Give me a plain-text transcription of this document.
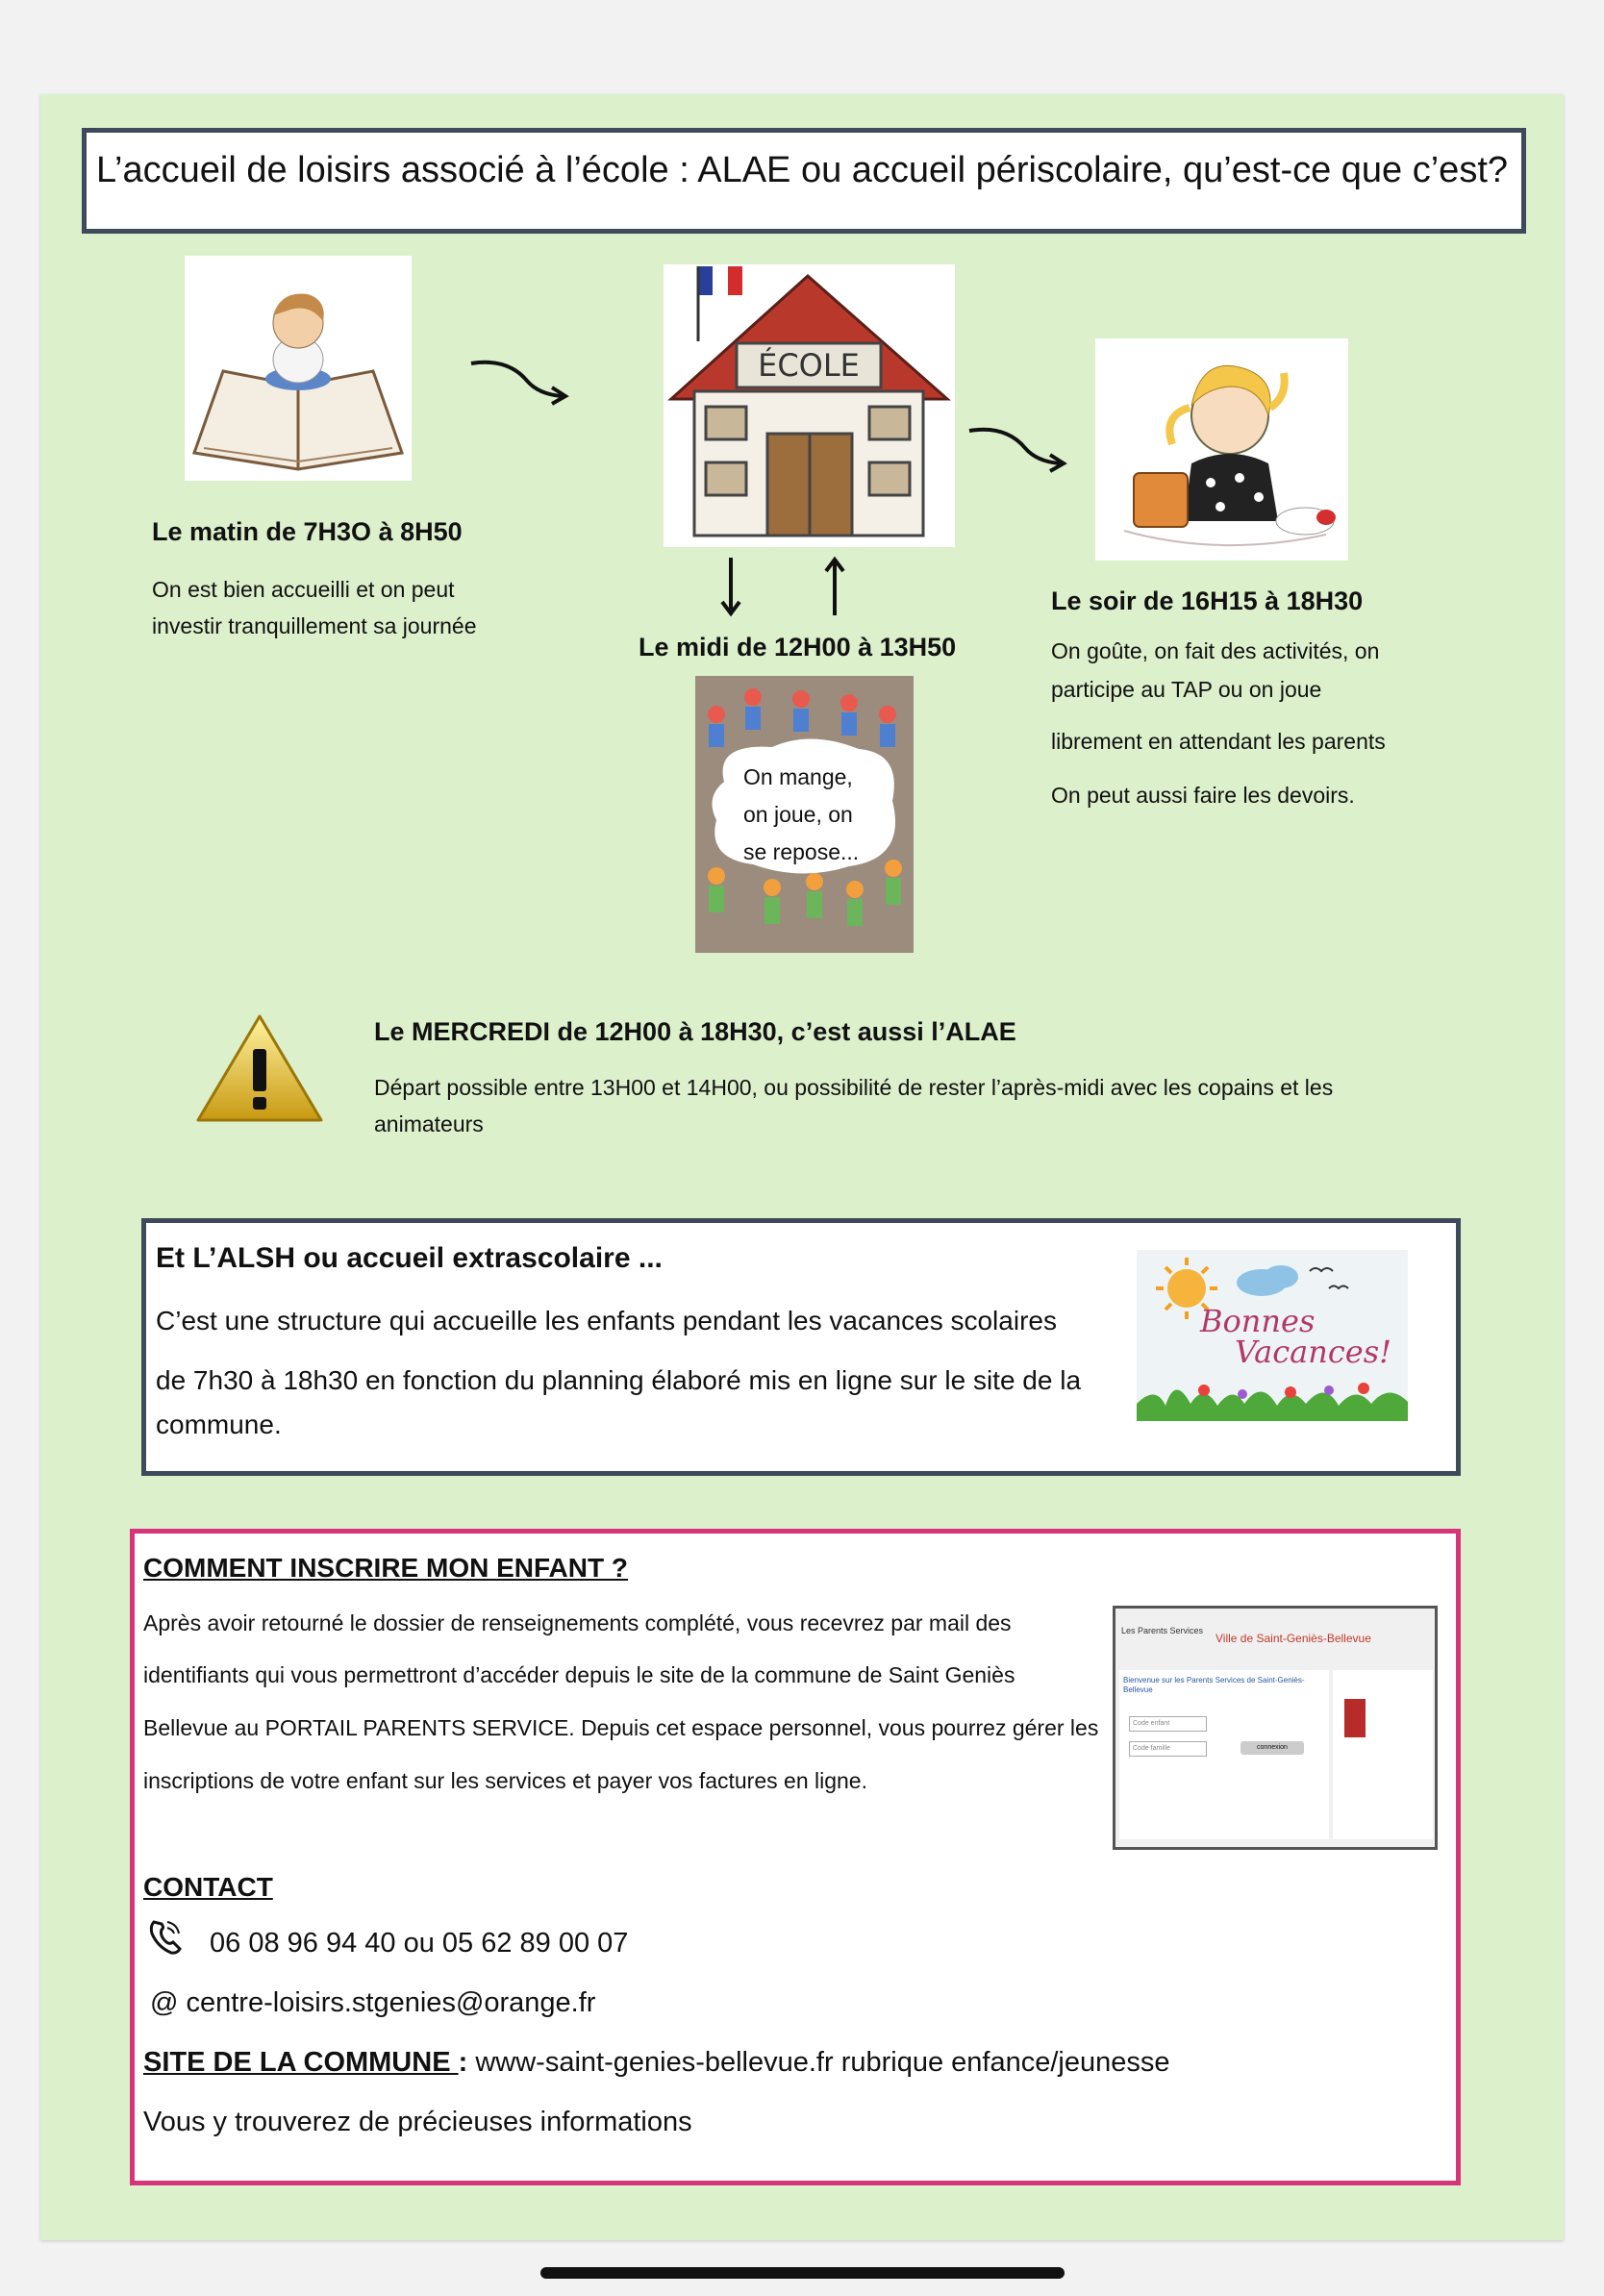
L’accueil de loisirs associé à l’école : ALAE ou accueil périscolaire, qu’est-ce que c’est?
ÉCOLE
Le matin de 7H3O à 8H50
On est bien accueilli et on peut
investir tranquillement sa journée
Le midi de 12H00 à 13H50
On mange,
on joue, on
se repose...
Le soir de 16H15 à 18H30
On goûte, on fait des activités, on
participe au TAP ou on joue
librement en attendant les parents
On peut aussi faire les devoirs.
Le MERCREDI de 12H00 à 18H30, c’est aussi l’ALAE
Départ possible entre 13H00 et 14H00, ou possibilité de rester l’après-midi avec les copains et les
animateurs
Et L’ALSH ou accueil extrascolaire ...
C’est une structure qui accueille les enfants pendant les vacances scolaires
de 7h30 à 18h30 en fonction du planning élaboré mis en ligne sur le site de la
commune.
Bonnes
Vacances!
COMMENT INSCRIRE MON ENFANT ?
Après avoir retourné le dossier de renseignements complété, vous recevrez par mail des
identifiants qui vous permettront d’accéder depuis le site de la commune de Saint Geniès
Bellevue au PORTAIL PARENTS SERVICE. Depuis cet espace personnel, vous pourrez gérer les
inscriptions de votre enfant sur les services et payer vos factures en ligne.
Les Parents Services
Ville de Saint-Geniès-Bellevue
Bienvenue sur les Parents Services de Saint-Geniès-Bellevue
Code enfant
Code famille	connexion
CONTACT
06 08 96 94 40 ou 05 62 89 00 07
@ centre-loisirs.stgenies@orange.fr
SITE DE LA COMMUNE : www-saint-genies-bellevue.fr rubrique enfance/jeunesse
Vous y trouverez de précieuses informations
